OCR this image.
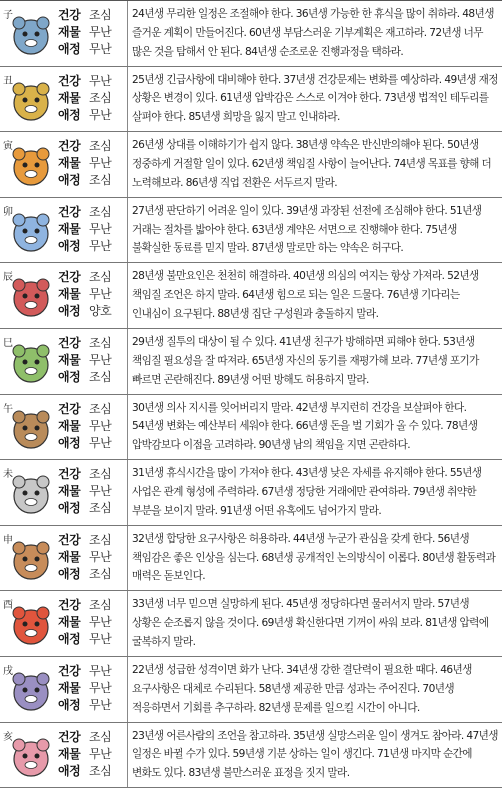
子	건강 조심
재물 무난
애정 무난
24년생 무리한 일정은 조절해야 한다. 36년생 가능한 한 휴식을 많이 취하라. 48년생 즐거운 계획이 만들어진다. 60년생 부담스러운 기부계획은 재고하라. 72년생 너무 많은 것을 탐해서 안 된다. 84년생 순조로운 진행과정을 택하라.
丑	건강 무난
재물 조심
애정 무난
25년생 긴급사항에 대비해야 한다. 37년생 건강문제는 변화를 예상하라. 49년생 재정 상황은 변경이 있다. 61년생 압박감은 스스로 이겨야 한다. 73년생 법적인 테두리를 살펴야 한다. 85년생 희망을 잃지 말고 인내하라.
寅	건강 조심
재물 무난
애정 조심
26년생 상대를 이해하기가 쉽지 않다. 38년생 약속은 반신반의해야 된다. 50년생 정중하게 거절할 일이 있다. 62년생 책임질 사항이 늘어난다. 74년생 목표를 향해 더 노력해보라. 86년생 직업 전환은 서두르지 말라.
卯	건강 조심
재물 무난
애정 무난
27년생 판단하기 어려운 일이 있다. 39년생 과장된 선전에 조심해야 한다. 51년생 거래는 절차를 밟아야 한다. 63년생 계약은 서면으로 진행해야 한다. 75년생 불확실한 동료를 믿지 말라. 87년생 말로만 하는 약속은 허구다.
辰	건강 조심
재물 무난
애정 양호
28년생 불만요인은 천천히 해결하라. 40년생 의심의 여지는 항상 가져라. 52년생 책임질 조언은 하지 말라. 64년생 힘으로 되는 일은 드물다. 76년생 기다리는 인내심이 요구된다. 88년생 집단 구성원과 충돌하지 말라.
巳	건강 조심
재물 무난
애정 조심
29년생 질투의 대상이 될 수 있다. 41년생 친구가 방해하면 피해야 한다. 53년생 책임질 필요성을 잘 따져라. 65년생 자신의 동기를 재평가해 보라. 77년생 포기가 빠르면 곤란해진다. 89년생 어떤 방해도 허용하지 말라.
午	건강 조심
재물 무난
애정 무난
30년생 의사 지시를 잊어버리지 말라. 42년생 부지런히 건강을 보살펴야 한다. 54년생 변화는 예산부터 세워야 한다. 66년생 돈을 벌 기회가 올 수 있다. 78년생 압박감보다 이점을 고려하라. 90년생 남의 책임을 지면 곤란하다.
未	건강 조심
재물 무난
애정 조심
31년생 휴식시간을 많이 가져야 한다. 43년생 낮은 자세를 유지해야 한다. 55년생 사업은 관계 형성에 주력하라. 67년생 정당한 거래에만 관여하라. 79년생 취약한 부분을 보이지 말라. 91년생 어떤 유혹에도 넘어가지 말라.
申	건강 조심
재물 무난
애정 조심
32년생 합당한 요구사항은 허용하라. 44년생 누군가 관심을 갖게 한다. 56년생 책임감은 좋은 인상을 심는다. 68년생 공개적인 논의방식이 이롭다. 80년생 활동력과 매력은 돋보인다.
酉	건강 조심
재물 무난
애정 무난
33년생 너무 믿으면 실망하게 된다. 45년생 정당하다면 물러서지 말라. 57년생 상황은 순조롭지 않을 것이다. 69년생 확신한다면 기꺼이 싸워 보라. 81년생 압력에 굴복하지 말라.
戌	건강 무난
재물 무난
애정 무난
22년생 성급한 성격이면 화가 난다. 34년생 강한 결단력이 필요한 때다. 46년생 요구사항은 대체로 수리된다. 58년생 제공한 만큼 성과는 주어진다. 70년생 적응하면서 기회를 추구하라. 82년생 문제를 일으킬 시간이 아니다.
亥	건강 조심
재물 무난
애정 조심
23년생 어른사람의 조언을 참고하라. 35년생 실망스러운 일이 생겨도 참아라. 47년생 일정은 바뀔 수가 있다. 59년생 기분 상하는 일이 생긴다. 71년생 마지막 순간에 변화도 있다. 83년생 불만스러운 표정을 짓지 말라.
